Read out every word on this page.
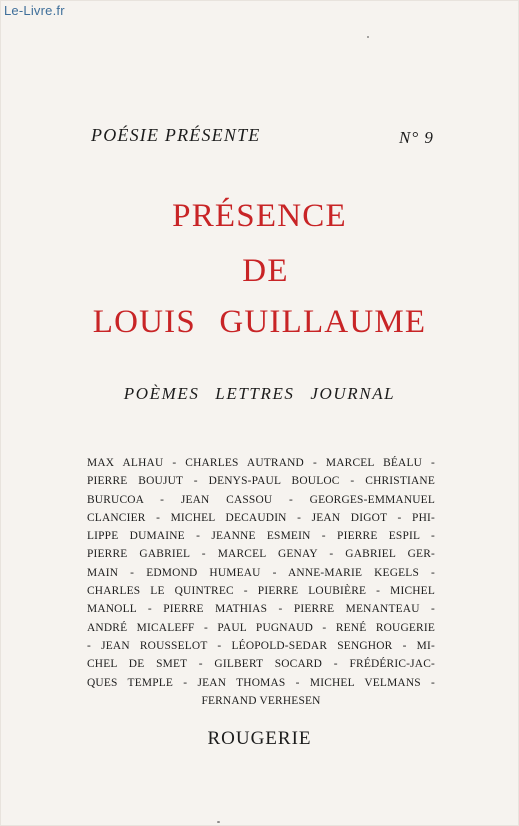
Le-Livre.fr
POÉSIE PRÉSENTE	N° 9
PRÉSENCE
DE
LOUIS GUILLAUME
POÈMES LETTRES JOURNAL
MAX ALHAU - CHARLES AUTRAND - MARCEL BÉALU -
PIERRE BOUJUT - DENYS-PAUL BOULOC - CHRISTIANE
BURUCOA - JEAN CASSOU - GEORGES-EMMANUEL
CLANCIER - MICHEL DECAUDIN - JEAN DIGOT - PHI-
LIPPE DUMAINE - JEANNE ESMEIN - PIERRE ESPIL -
PIERRE GABRIEL - MARCEL GENAY - GABRIEL GER-
MAIN - EDMOND HUMEAU - ANNE-MARIE KEGELS -
CHARLES LE QUINTREC - PIERRE LOUBIÈRE - MICHEL
MANOLL - PIERRE MATHIAS - PIERRE MENANTEAU -
ANDRÉ MICALEFF - PAUL PUGNAUD - RENÉ ROUGERIE
- JEAN ROUSSELOT - LÉOPOLD-SEDAR SENGHOR - MI-
CHEL DE SMET - GILBERT SOCARD - FRÉDÉRIC-JAC-
QUES TEMPLE - JEAN THOMAS - MICHEL VELMANS -
FERNAND VERHESEN
ROUGERIE
